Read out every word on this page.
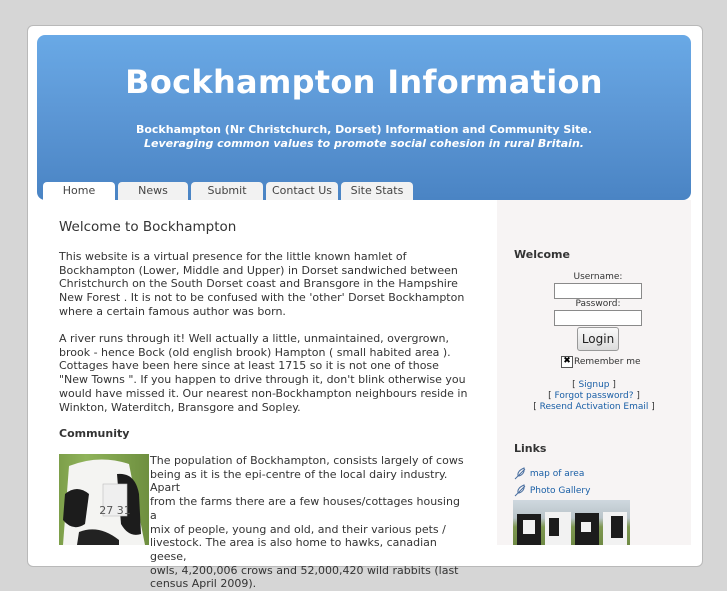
Bockhampton Information
Bockhampton (Nr Christchurch, Dorset) Information and Community Site.
Leveraging common values to promote social cohesion in rural Britain.
Home	News	Submit	Contact Us	Site Stats
Welcome to Bockhampton
This website is a virtual presence for the little known hamlet of Bockhampton (Lower, Middle and Upper) in Dorset sandwiched between Christchurch on the South Dorset coast and Bransgore in the Hampshire New Forest . It is not to be confused with the 'other' Dorset Bockhampton where a certain famous author was born.
A river runs through it! Well actually a little, unmaintained, overgrown, brook - hence Bock (old english brook) Hampton ( small habited area ). Cottages have been here since at least 1715 so it is not one of those "New Towns ". If you happen to drive through it, don't blink otherwise you would have missed it. Our nearest non-Bockhampton neighbours reside in Winkton, Waterditch, Bransgore and Sopley.
Community
27 31
The population of Bockhampton, consists largely of cows
being as it is the epi-centre of the local dairy industry. Apart
from the farms there are a few houses/cottages housing a
mix of people, young and old, and their various pets /
livestock. The area is also home to hawks, canadian geese,
owls, 4,200,006 crows and 52,000,420 wild rabbits (last
census April 2009).
Welcome
Username:
Password:
Login
✖ Remember me
[ Signup ]
[ Forgot password? ]
[ Resend Activation Email ]
Links
map of area
Photo Gallery
